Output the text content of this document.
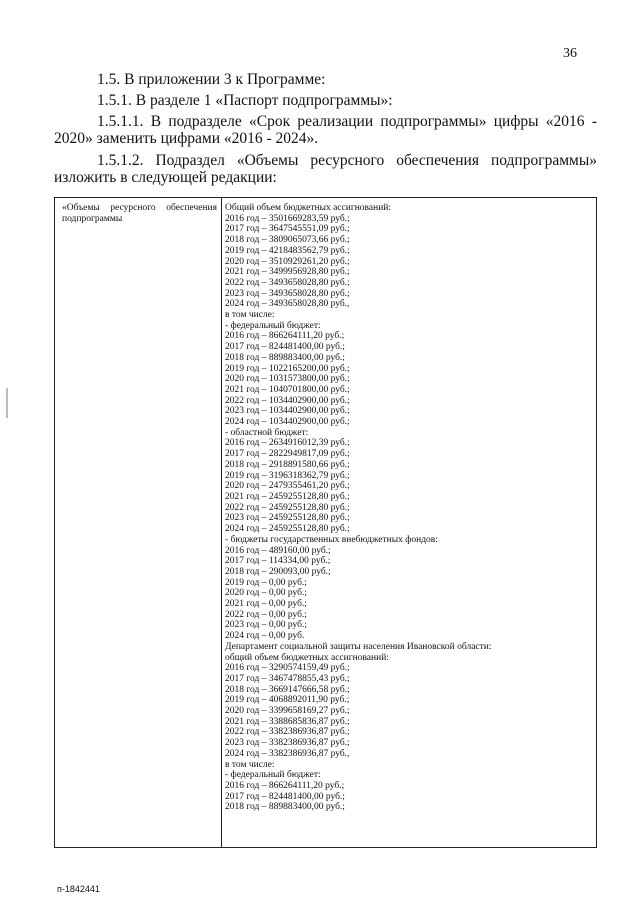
36
1.5. В приложении 3 к Программе:
1.5.1. В разделе 1 «Паспорт подпрограммы»:
1.5.1.1. В подразделе «Срок реализации подпрограммы» цифры «2016 -
2020» заменить цифрами «2016 - 2024».
1.5.1.2. Подраздел «Объемы ресурсного обеспечения подпрограммы»
изложить в следующей редакции:
«Объемы ресурсного обеспечения подпрограммы
Общий объем бюджетных ассигнований:
2016 год – 3501669283,59 руб.;
2017 год – 3647545551,09 руб.;
2018 год – 3809065073,66 руб.;
2019 год – 4218483562,79 руб.;
2020 год – 3510929261,20 руб.;
2021 год – 3499956928,80 руб.;
2022 год – 3493658028,80 руб.;
2023 год – 3493658028,80 руб.;
2024 год – 3493658028,80 руб.,
в том числе:
- федеральный бюджет:
2016 год – 866264111,20 руб.;
2017 год – 824481400,00 руб.;
2018 год – 889883400,00 руб.;
2019 год – 1022165200,00 руб.;
2020 год – 1031573800,00 руб.;
2021 год – 1040701800,00 руб.;
2022 год – 1034402900,00 руб.;
2023 год – 1034402900,00 руб.;
2024 год – 1034402900,00 руб.;
- областной бюджет:
2016 год – 2634916012,39 руб.;
2017 год – 2822949817,09 руб.;
2018 год – 2918891580,66 руб.;
2019 год – 3196318362,79 руб.;
2020 год – 2479355461,20 руб.;
2021 год – 2459255128,80 руб.;
2022 год – 2459255128,80 руб.;
2023 год – 2459255128,80 руб.;
2024 год – 2459255128,80 руб.;
- бюджеты государственных внебюджетных фондов:
2016 год – 489160,00 руб.;
2017 год – 114334,00 руб.;
2018 год – 290093,00 руб.;
2019 год – 0,00 руб.;
2020 год – 0,00 руб.;
2021 год – 0,00 руб.;
2022 год – 0,00 руб.;
2023 год – 0,00 руб.;
2024 год – 0,00 руб.
Департамент социальной защиты населения Ивановской области:
общий объем бюджетных ассигнований:
2016 год – 3290574159,49 руб.;
2017 год – 3467478855,43 руб.;
2018 год – 3669147666,58 руб.;
2019 год – 4068892011,90 руб.;
2020 год – 3399658169,27 руб.;
2021 год – 3388685836,87 руб.;
2022 год – 3382386936,87 руб.;
2023 год – 3382386936,87 руб.;
2024 год – 3382386936,87 руб.,
в том числе:
- федеральный бюджет:
2016 год – 866264111,20 руб.;
2017 год – 824481400,00 руб.;
2018 год – 889883400,00 руб.;
п-1842441
